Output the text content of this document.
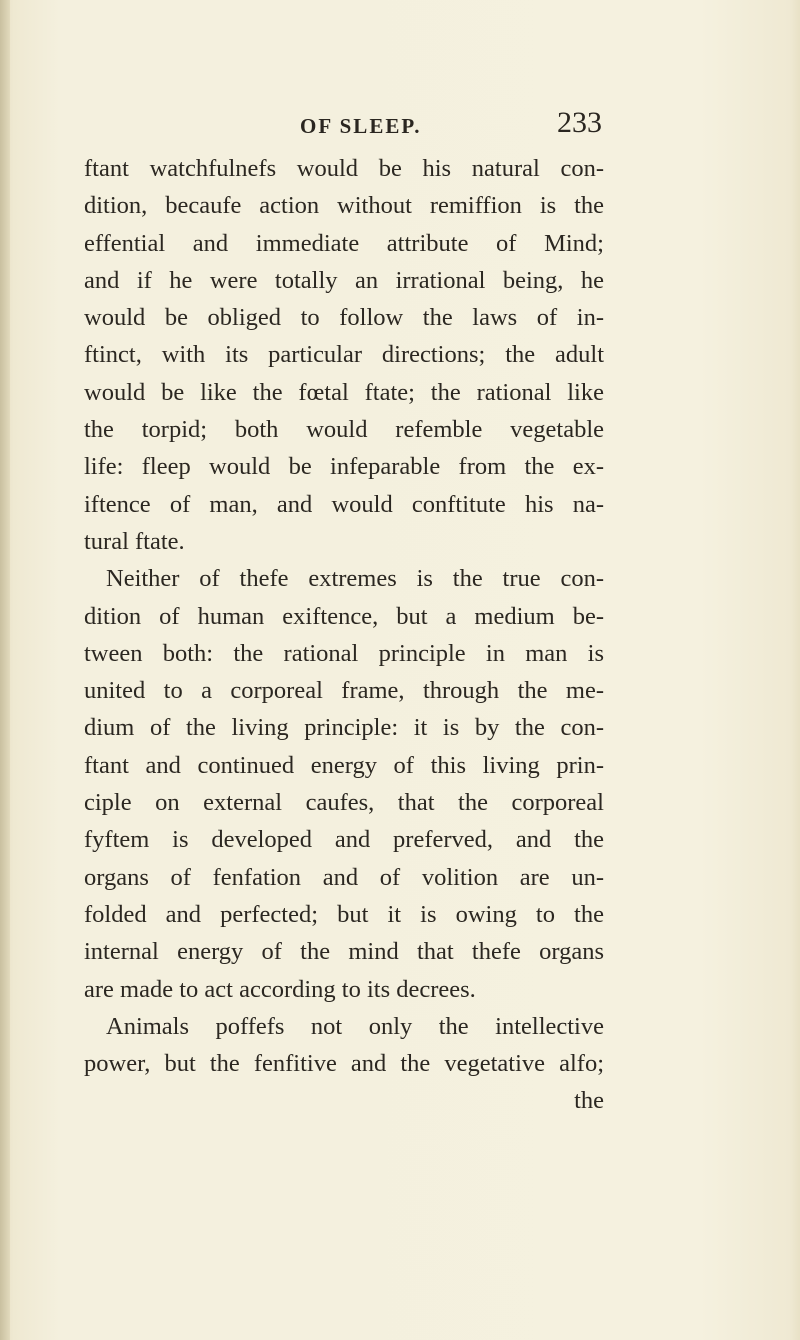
OF SLEEP.	233
ftant watchfulnefs would be his natural con-
dition, becaufe action without remiffion is the
effential and immediate attribute of Mind;
and if he were totally an irrational being, he
would be obliged to follow the laws of in-
ftinct, with its particular directions; the adult
would be like the fœtal ftate; the rational like
the torpid; both would refemble vegetable
life: fleep would be infeparable from the ex-
iftence of man, and would conftitute his na-
tural ftate.
Neither of thefe extremes is the true con-
dition of human exiftence, but a medium be-
tween both: the rational principle in man is
united to a corporeal frame, through the me-
dium of the living principle: it is by the con-
ftant and continued energy of this living prin-
ciple on external caufes, that the corporeal
fyftem is developed and preferved, and the
organs of fenfation and of volition are un-
folded and perfected; but it is owing to the
internal energy of the mind that thefe organs
are made to act according to its decrees.
Animals poffefs not only the intellective
power, but the fenfitive and the vegetative alfo;
the
